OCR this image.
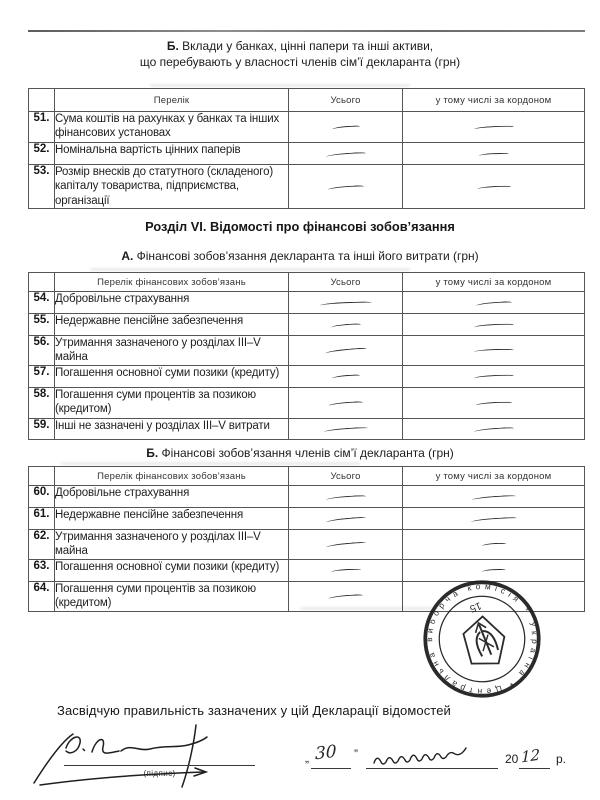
Б. Вклади у банках, цінні папери та інші активи,
що перебувають у власності членів сім’ї декларанта (грн)
	Перелік	Усього	у тому числі за кордоном
51.	Сума коштів на рахунках у банках та інших фінансових установах		
52.	Номінальна вартість цінних паперів		
53.	Розмір внесків до статутного (складеного) капіталу товариства, підприємства, організації		
Розділ VI. Відомості про фінансові зобов’язання
А. Фінансові зобов’язання декларанта та інші його витрати (грн)
	Перелік фінансових зобов’язань	Усього	у тому числі за кордоном
54.	Добровільне страхування		
55.	Недержавне пенсійне забезпечення		
56.	Утримання зазначеного у розділах III–V майна		
57.	Погашення основної суми позики (кредиту)		
58.	Погашення суми процентів за позикою (кредитом)		
59.	Інші не зазначені у розділах III–V витрати		
Б. Фінансові зобов’язання членів сім’ї декларанта (грн)
	Перелік фінансових зобов’язань	Усього	у тому числі за кордоном
60.	Добровільне страхування		
61.	Недержавне пенсійне забезпечення		
62.	Утримання зазначеного у розділах III–V майна		
63.	Погашення основної суми позики (кредиту)		
64.	Погашення суми процентів за позикою (кредитом)		
Центральна виборча комісія * Україна *
15
Засвідчую правильність зазначених у цій Декларації відомостей
(підпис)
„ 30 ”	20 12 р.
